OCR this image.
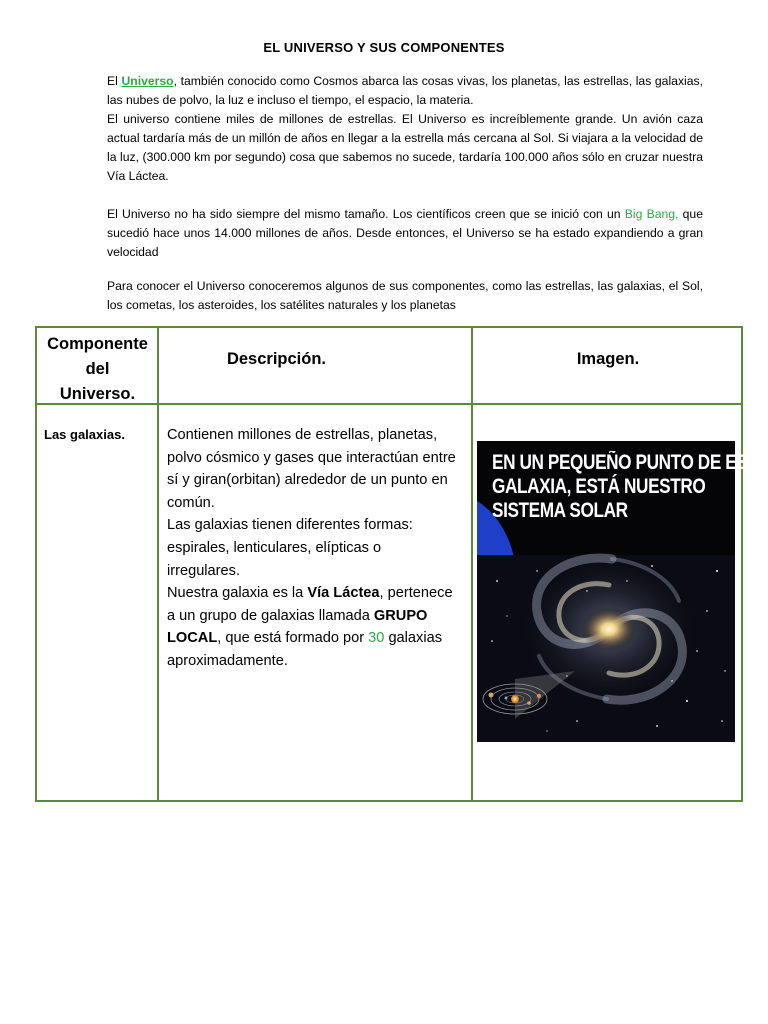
EL UNIVERSO Y SUS COMPONENTES

El Universo, también conocido como Cosmos abarca las cosas vivas, los planetas, las estrellas, las galaxias, las nubes de polvo, la luz e incluso el tiempo, el espacio, la materia.

El universo contiene miles de millones de estrellas. El Universo es increíblemente grande. Un avión caza actual tardaría más de un millón de años en llegar a la estrella más cercana al Sol. Si viajara a la velocidad de la luz, (300.000 km por segundo) cosa que sabemos no sucede, tardaría 100.000 años sólo en cruzar nuestra Vía Láctea.

El Universo no ha sido siempre del mismo tamaño. Los científicos creen que se inició con un Big Bang, que sucedió hace unos 14.000 millones de años. Desde entonces, el Universo se ha estado expandiendo a gran velocidad

Para conocer el Universo conoceremos algunos de sus componentes, como las estrellas, las galaxias, el Sol, los cometas, los asteroides, los satélites naturales y los planetas

Componente
del
Universo.
Descripción.	Imagen.
Las galaxias.	Contienen millones de estrellas, planetas, polvo cósmico y gases que interactúan entre sí y giran(orbitan) alrededor de un punto en común.

Las galaxias tienen diferentes formas: espirales, lenticulares, elípticas o irregulares.

Nuestra galaxia es la Vía Láctea, pertenece a un grupo de galaxias llamada GRUPO LOCAL, que está formado por 30 galaxias aproximadamente.

EN UN PEQUEÑO PUNTO DE ESA
GALAXIA, ESTÁ NUESTRO
SISTEMA SOLAR
